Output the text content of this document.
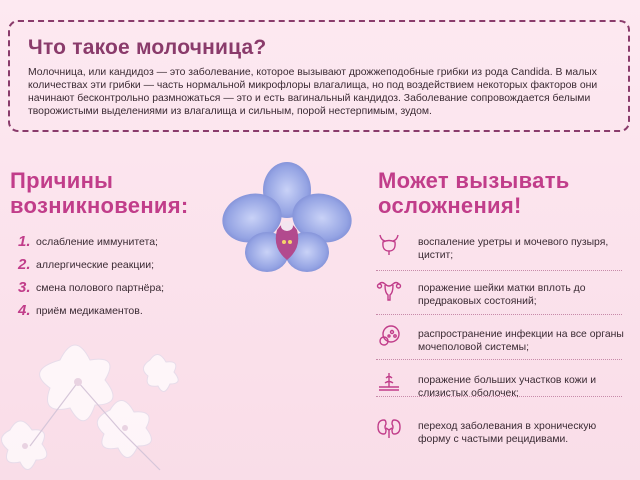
Что такое молочница?

Молочница, или кандидоз — это заболевание, которое вызывают дрожжеподобные грибки из рода Candida. В малых количествах эти грибки — часть нормальной микрофлоры влагалища, но под воздействием некоторых факторов они начинают бесконтрольно размножаться — это и есть вагинальный кандидоз. Заболевание сопровождается белыми творожистыми выделениями из влагалища и сильным, порой нестерпимым, зудом.

Причины
возникновения:
1. ослабление иммунитета;
2. аллергические реакции;
3. смена полового партнёра;
4. приём медикаментов.
Может вызывать
осложнения!
воспаление уретры и мочевого пузыря, цистит;
поражение шейки матки вплоть до предраковых состояний;
распространение инфекции на все органы мочеполовой системы;
поражение больших участков кожи и слизистых оболочек;
переход заболевания в хроническую форму с частыми рецидивами.
